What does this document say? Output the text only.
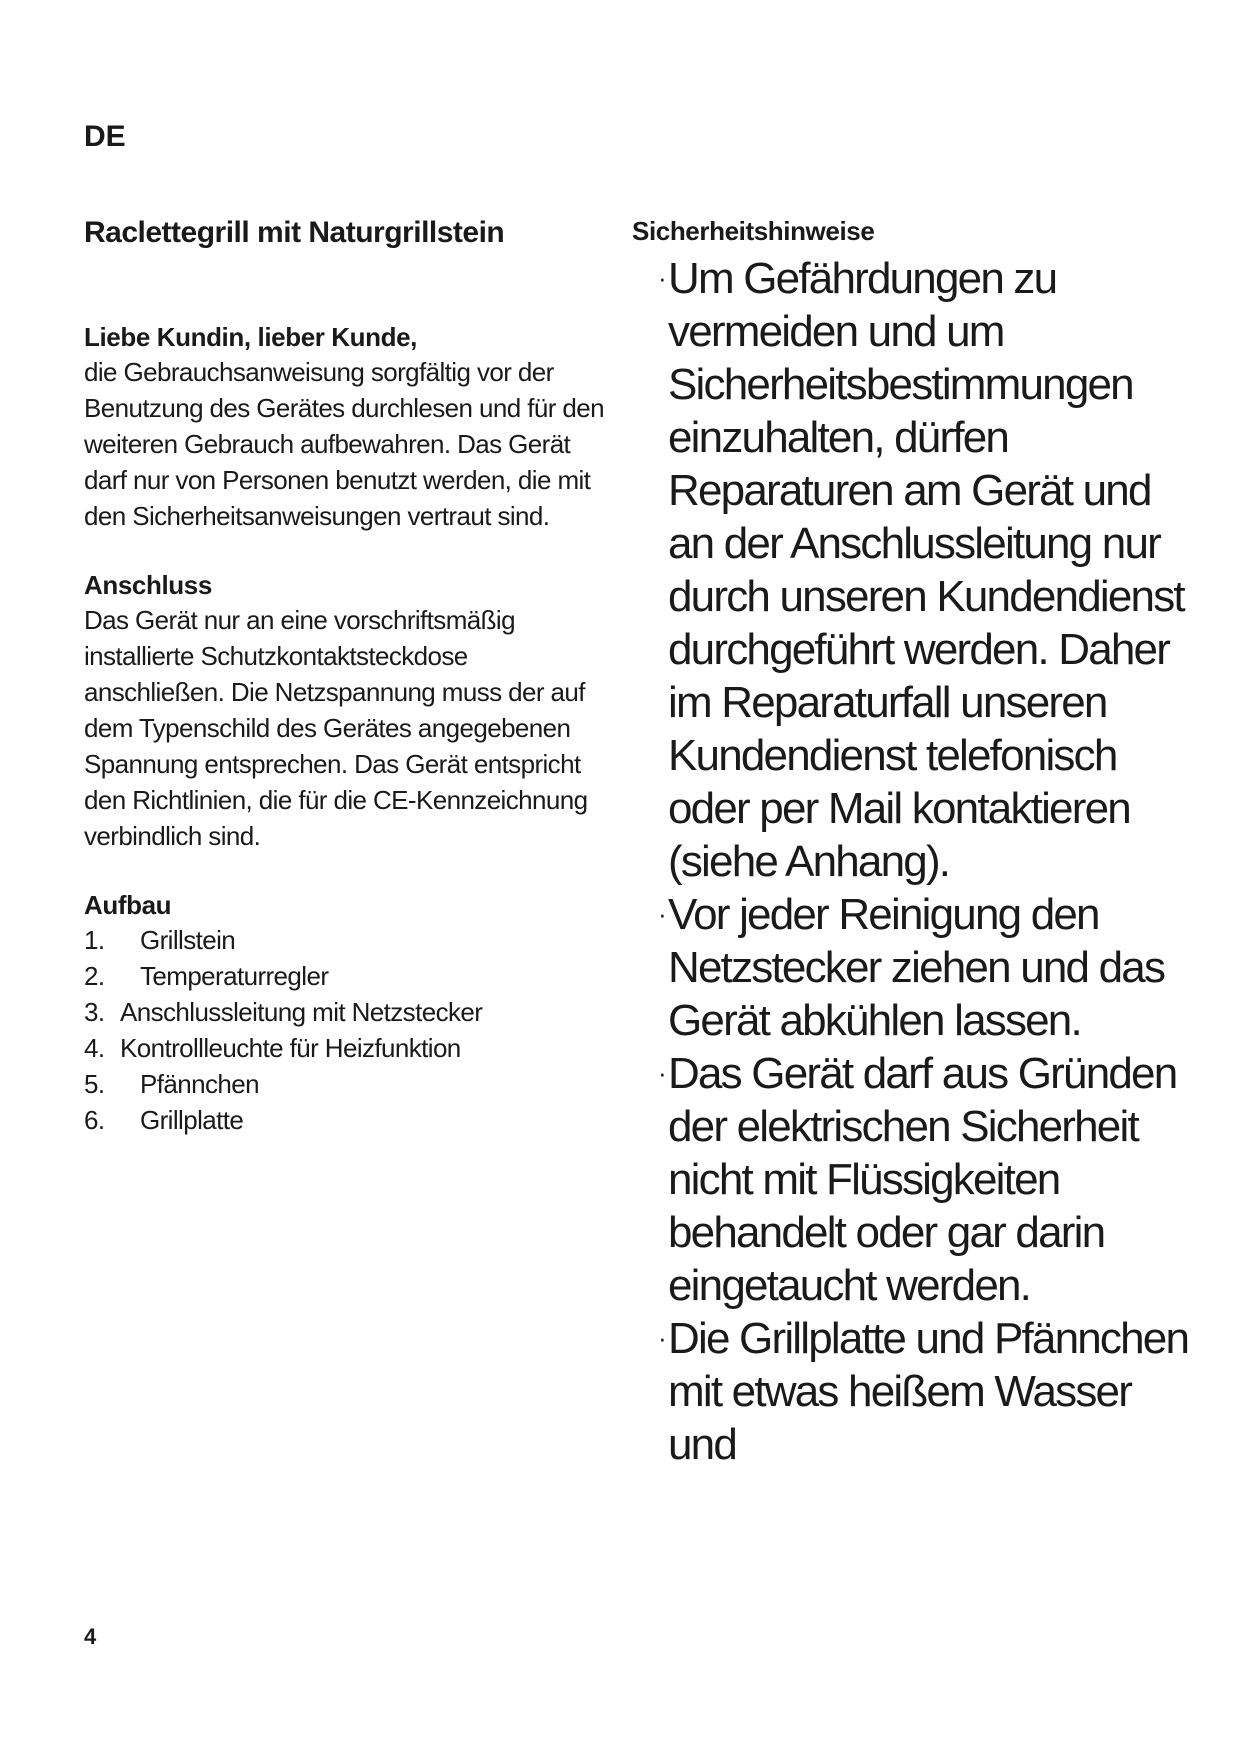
DE
Raclettegrill mit Naturgrillstein

Liebe Kundin, lieber Kunde,

die Gebrauchsanweisung sorgfältig vor der Benutzung des Gerätes durchlesen und für den weiteren Gebrauch aufbewahren. Das Gerät darf nur von Personen benutzt werden, die mit den Sicherheitsanweisungen vertraut sind.

Anschluss

Das Gerät nur an eine vorschriftsmäßig installierte Schutzkontaktsteckdose anschließen. Die Netzspannung muss der auf dem Typenschild des Gerätes angegebenen Spannung entsprechen. Das Gerät entspricht den Richtlinien, die für die CE-Kennzeichnung verbindlich sind.

Aufbau

1.	Grillstein
2.	Temperaturregler
3. Anschlussleitung mit Netzstecker
4. Kontrollleuchte für Heizfunktion
5.	Pfännchen
6.	Grillplatte

Sicherheitshinweise

· Um Gefährdungen zu vermeiden und um Sicherheitsbestimmungen einzuhalten, dürfen Reparaturen am Gerät und an der Anschlussleitung nur durch unseren Kundendienst durchgeführt werden. Daher im Reparaturfall unseren Kundendienst telefonisch oder per Mail kontaktieren (siehe Anhang).
· Vor jeder Reinigung den Netzstecker ziehen und das Gerät abkühlen lassen.
· Das Gerät darf aus Gründen der elektrischen Sicherheit nicht mit Flüssigkeiten behandelt oder gar darin eingetaucht werden.
· Die Grillplatte und Pfännchen mit etwas heißem Wasser und
4
